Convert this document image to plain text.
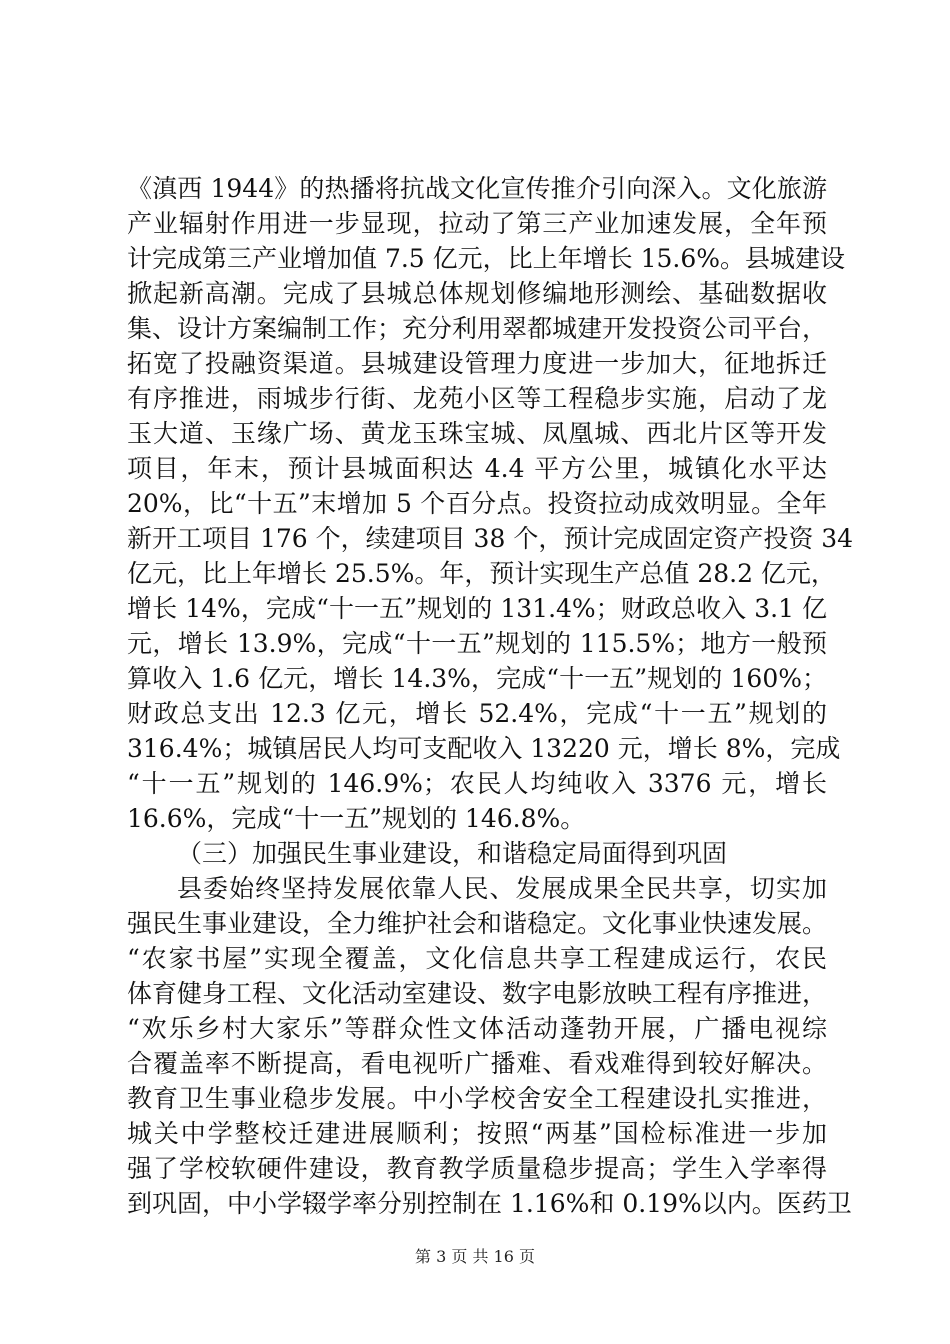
《滇西 1944》的热播将抗战文化宣传推介引向深入。文化旅游
产业辐射作用进一步显现，拉动了第三产业加速发展，全年预
计完成第三产业增加值 7.5 亿元，比上年增长 15.6%。县城建设
掀起新高潮。完成了县城总体规划修编地形测绘、基础数据收
集、设计方案编制工作；充分利用翠都城建开发投资公司平台，
拓宽了投融资渠道。县城建设管理力度进一步加大，征地拆迁
有序推进，雨城步行街、龙苑小区等工程稳步实施，启动了龙
玉大道、玉缘广场、黄龙玉珠宝城、凤凰城、西北片区等开发
项目，年末，预计县城面积达 4.4 平方公里，城镇化水平达
20%，比“十五”末增加 5 个百分点。投资拉动成效明显。全年
新开工项目 176 个，续建项目 38 个，预计完成固定资产投资 34
亿元，比上年增长 25.5%。年，预计实现生产总值 28.2 亿元，
增长 14%，完成“十一五”规划的 131.4%；财政总收入 3.1 亿
元，增长 13.9%，完成“十一五”规划的 115.5%；地方一般预
算收入 1.6 亿元，增长 14.3%，完成“十一五”规划的 160%；
财政总支出 12.3 亿元，增长 52.4%，完成“十一五”规划的
316.4%；城镇居民人均可支配收入 13220 元，增长 8%，完成
“十一五”规划的 146.9%；农民人均纯收入 3376 元，增长
16.6%，完成“十一五”规划的 146.8%。
（三）加强民生事业建设，和谐稳定局面得到巩固
县委始终坚持发展依靠人民、发展成果全民共享，切实加
强民生事业建设，全力维护社会和谐稳定。文化事业快速发展。
“农家书屋”实现全覆盖，文化信息共享工程建成运行，农民
体育健身工程、文化活动室建设、数字电影放映工程有序推进，
“欢乐乡村大家乐”等群众性文体活动蓬勃开展，广播电视综
合覆盖率不断提高，看电视听广播难、看戏难得到较好解决。
教育卫生事业稳步发展。中小学校舍安全工程建设扎实推进，
城关中学整校迁建进展顺利；按照“两基”国检标准进一步加
强了学校软硬件建设，教育教学质量稳步提高；学生入学率得
到巩固，中小学辍学率分别控制在 1.16%和 0.19%以内。医药卫
第 3 页 共 16 页
